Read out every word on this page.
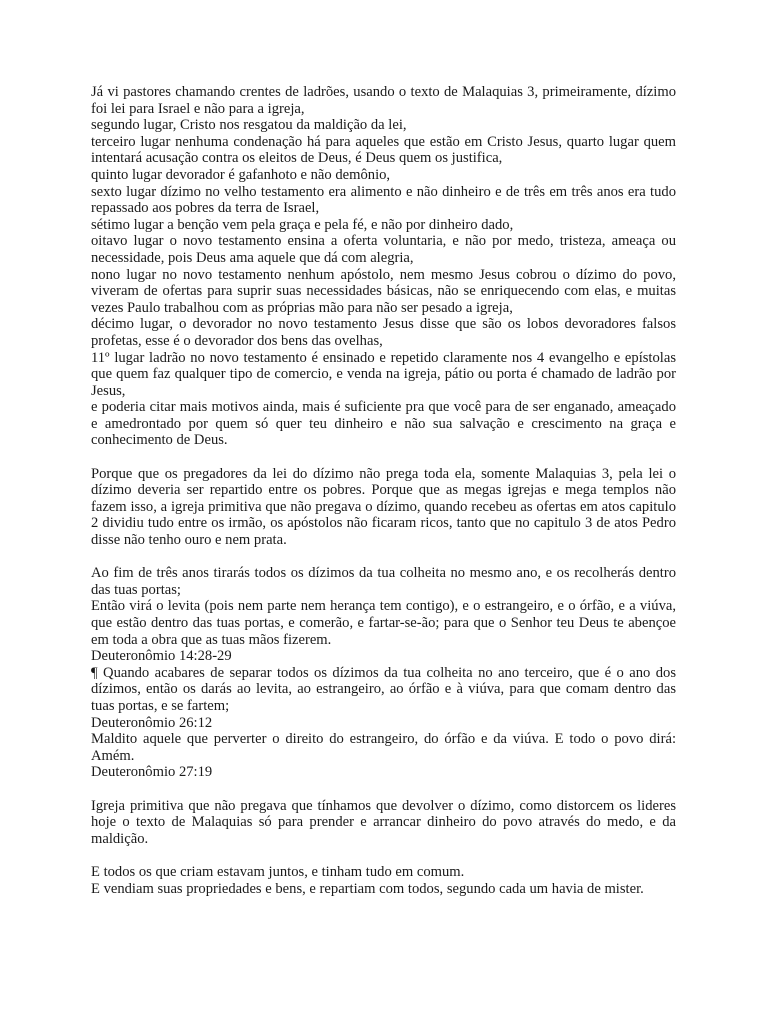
Já vi pastores chamando crentes de ladrões, usando o texto de Malaquias 3, primeiramente, dízimo foi lei para Israel e não para a igreja,
segundo lugar, Cristo nos resgatou da maldição da lei,
terceiro lugar nenhuma condenação há para aqueles que estão em Cristo Jesus, quarto lugar quem intentará acusação contra os eleitos de Deus, é Deus quem os justifica,
quinto lugar devorador é gafanhoto e não demônio,
sexto lugar dízimo no velho testamento era alimento e não dinheiro e de três em três anos era tudo repassado aos pobres da terra de Israel,
sétimo lugar a benção vem pela graça e pela fé, e não por dinheiro dado,
oitavo lugar o novo testamento ensina a oferta voluntaria, e não por medo, tristeza, ameaça ou necessidade, pois Deus ama aquele que dá com alegria,
nono lugar no novo testamento nenhum apóstolo, nem mesmo Jesus cobrou o dízimo do povo, viveram de ofertas para suprir suas necessidades básicas, não se enriquecendo com elas, e muitas vezes Paulo trabalhou com as próprias mão para não ser pesado a igreja,
décimo lugar, o devorador no novo testamento Jesus disse que são os lobos devoradores falsos profetas, esse é o devorador dos bens das ovelhas,
11º lugar ladrão no novo testamento é ensinado e repetido claramente nos 4 evangelho e epístolas que quem faz qualquer tipo de comercio, e venda na igreja, pátio ou porta é chamado de ladrão por Jesus,
e poderia citar mais motivos ainda, mais é suficiente pra que você para de ser enganado, ameaçado e amedrontado por quem só quer teu dinheiro e não sua salvação e crescimento na graça e conhecimento de Deus.

Porque que os pregadores da lei do dízimo não prega toda ela, somente Malaquias 3, pela lei o dízimo deveria ser repartido entre os pobres. Porque que as megas igrejas e mega templos não fazem isso, a igreja primitiva que não pregava o dízimo, quando recebeu as ofertas em atos capitulo 2 dividiu tudo entre os irmão, os apóstolos não ficaram ricos, tanto que no capitulo 3 de atos Pedro disse não tenho ouro e nem prata.

Ao fim de três anos tirarás todos os dízimos da tua colheita no mesmo ano, e os recolherás dentro das tuas portas;
Então virá o levita (pois nem parte nem herança tem contigo), e o estrangeiro, e o órfão, e a viúva, que estão dentro das tuas portas, e comerão, e fartar-se-ão; para que o Senhor teu Deus te abençoe em toda a obra que as tuas mãos fizerem.
Deuteronômio 14:28-29
¶ Quando acabares de separar todos os dízimos da tua colheita no ano terceiro, que é o ano dos dízimos, então os darás ao levita, ao estrangeiro, ao órfão e à viúva, para que comam dentro das tuas portas, e se fartem;
Deuteronômio 26:12
Maldito aquele que perverter o direito do estrangeiro, do órfão e da viúva. E todo o povo dirá: Amém.
Deuteronômio 27:19

Igreja primitiva que não pregava que tínhamos que devolver o dízimo, como distorcem os lideres hoje o texto de Malaquias só para prender e arrancar dinheiro do povo através do medo, e da maldição.

E todos os que criam estavam juntos, e tinham tudo em comum.
E vendiam suas propriedades e bens, e repartiam com todos, segundo cada um havia de mister.
